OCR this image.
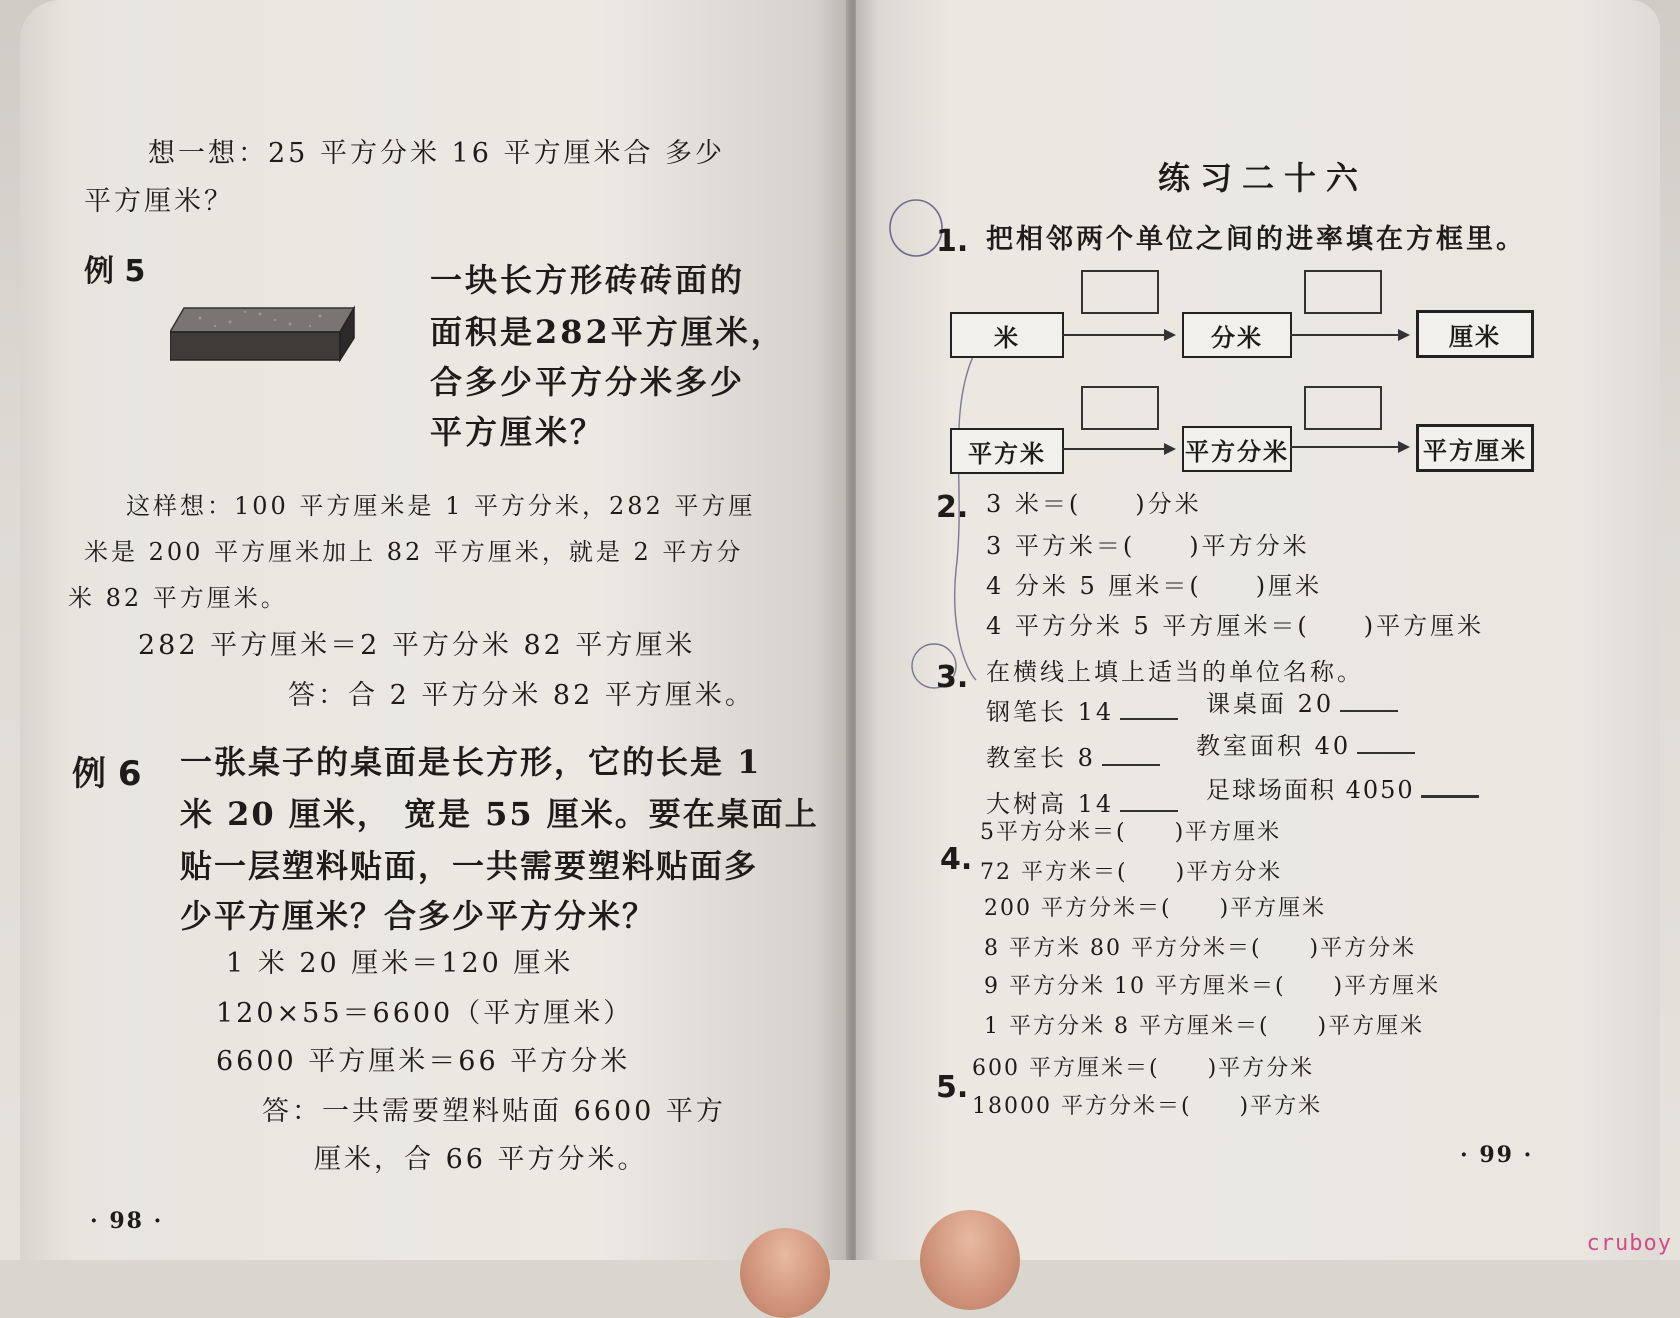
想一想：25 平方分米 16 平方厘米合 多少
平方厘米？
例 5	一块长方形砖砖面的
面积是282平方厘米，
合多少平方分米多少
平方厘米？
这样想：100 平方厘米是 1 平方分米，282 平方厘
米是 200 平方厘米加上 82 平方厘米，就是 2 平方分
米 82 平方厘米。
282 平方厘米＝2 平方分米 82 平方厘米
答：合 2 平方分米 82 平方厘米。
例 6 一张桌子的桌面是长方形，它的长是 1
米 20 厘米， 宽是 55 厘米。要在桌面上
贴一层塑料贴面，一共需要塑料贴面多
少平方厘米？合多少平方分米？
1 米 20 厘米＝120 厘米
120×55＝6600（平方厘米）
6600 平方厘米＝66 平方分米
答：一共需要塑料贴面 6600 平方
厘米，合 66 平方分米。
· 98 ·
练习二十六
1. 把相邻两个单位之间的进率填在方框里。
米	分米	厘米
平方米	平方分米	平方厘米
2. 3 米＝(　　)分米
3 平方米＝(　　)平方分米
4 分米 5 厘米＝(　　)厘米
4 平方分米 5 平方厘米＝(　　)平方厘米
3. 在横线上填上适当的单位名称。
钢笔长 14	课桌面 20
教室长 8	教室面积 40
大树高 14	足球场面积 4050
4.
5平方分米＝(　　)平方厘米
72 平方米＝(　　)平方分米
200 平方分米＝(　　)平方厘米
8 平方米 80 平方分米＝(　　)平方分米
9 平方分米 10 平方厘米＝(　　)平方厘米
1 平方分米 8 平方厘米＝(　　)平方厘米
5.
600 平方厘米＝(　　)平方分米
18000 平方分米＝(　　)平方米
· 99 ·
cruboy
